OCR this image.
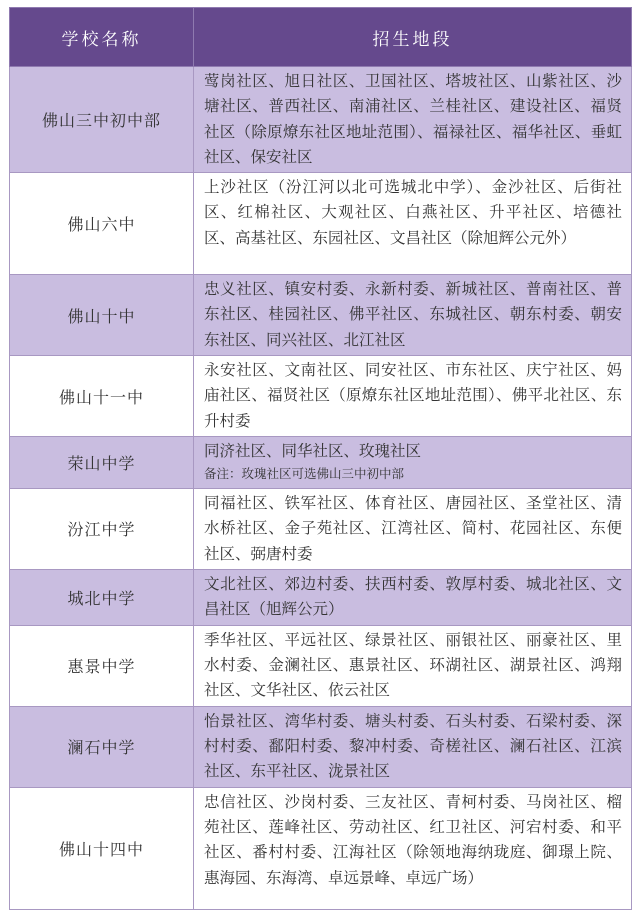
学校名称	招生地段
佛山三中初中部	莺岗社区、旭日社区、卫国社区、塔坡社区、山紫社区、沙塘社区、普西社区、南浦社区、兰桂社区、建设社区、福贤社区（除原燎东社区地址范围）、福禄社区、福华社区、垂虹社区、保安社区
佛山六中	上沙社区（汾江河以北可选城北中学）、金沙社区、后街社区、红棉社区、大观社区、白燕社区、升平社区、培德社区、高基社区、东园社区、文昌社区（除旭辉公元外）
佛山十中	忠义社区、镇安村委、永新村委、新城社区、普南社区、普东社区、桂园社区、佛平社区、东城社区、朝东村委、朝安东社区、同兴社区、北江社区
佛山十一中	永安社区、文南社区、同安社区、市东社区、庆宁社区、妈庙社区、福贤社区（原燎东社区地址范围）、佛平北社区、东升村委
荣山中学	同济社区、同华社区、玫瑰社区
备注：玫瑰社区可选佛山三中初中部

汾江中学	同福社区、铁军社区、体育社区、唐园社区、圣堂社区、清水桥社区、金子苑社区、江湾社区、简村、花园社区、东便社区、弼唐村委
城北中学	文北社区、郊边村委、扶西村委、敦厚村委、城北社区、文昌社区（旭辉公元）
惠景中学	季华社区、平远社区、绿景社区、丽银社区、丽豪社区、里水村委、金澜社区、惠景社区、环湖社区、湖景社区、鸿翔社区、文华社区、依云社区
澜石中学	怡景社区、湾华村委、塘头村委、石头村委、石梁村委、深村村委、鄱阳村委、黎冲村委、奇槎社区、澜石社区、江滨社区、东平社区、泷景社区
佛山十四中	忠信社区、沙岗村委、三友社区、青柯村委、马岗社区、榴苑社区、莲峰社区、劳动社区、红卫社区、河宕村委、和平社区、番村村委、江海社区（除领地海纳珑庭、御璟上院、惠海园、东海湾、卓远景峰、卓远广场）
